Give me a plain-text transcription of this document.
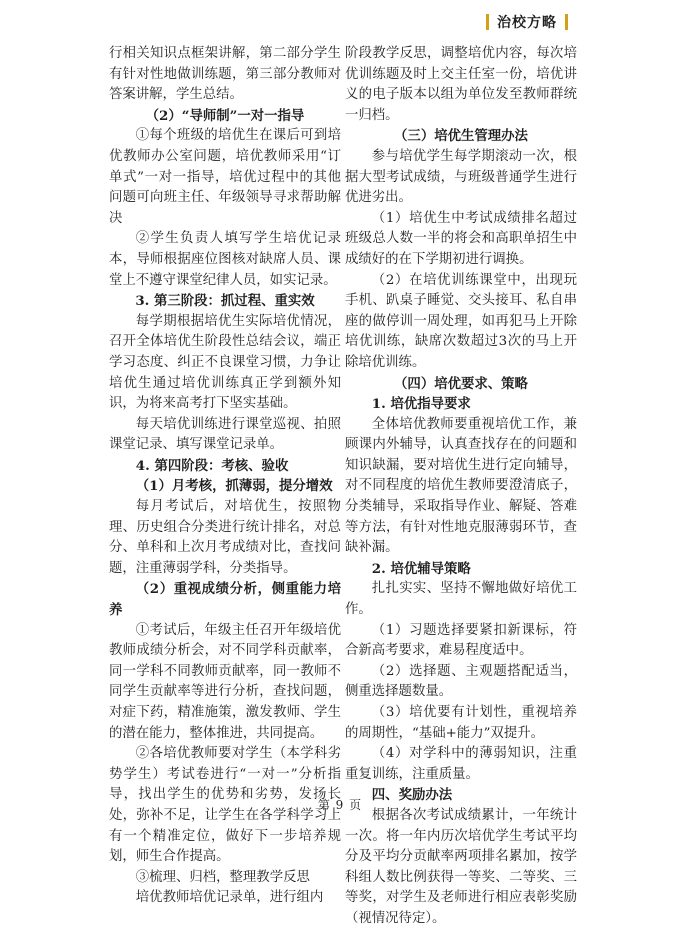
治校方略

行相关知识点框架讲解，第二部分学生有针对性地做训练题，第三部分教师对答案讲解，学生总结。

（2）“导师制”一对一指导

①每个班级的培优生在课后可到培优教师办公室问题，培优教师采用“订单式”一对一指导，培优过程中的其他问题可向班主任、年级领导寻求帮助解决

②学生负责人填写学生培优记录本，导师根据座位图核对缺席人员、课堂上不遵守课堂纪律人员，如实记录。

3. 第三阶段：抓过程、重实效

每学期根据培优生实际培优情况，召开全体培优生阶段性总结会议，端正学习态度、纠正不良课堂习惯，力争让培优生通过培优训练真正学到额外知识，为将来高考打下坚实基础。

每天培优训练进行课堂巡视、拍照课堂记录、填写课堂记录单。

4. 第四阶段：考核、验收

（1）月考核，抓薄弱，提分增效

每月考试后，对培优生，按照物理、历史组合分类进行统计排名，对总分、单科和上次月考成绩对比，查找问题，注重薄弱学科，分类指导。

（2）重视成绩分析，侧重能力培养

①考试后，年级主任召开年级培优教师成绩分析会，对不同学科贡献率，同一学科不同教师贡献率，同一教师不同学生贡献率等进行分析，查找问题，对症下药，精准施策，激发教师、学生的潜在能力，整体推进，共同提高。

②各培优教师要对学生（本学科劣势学生）考试卷进行“一对一”分析指导，找出学生的优势和劣势，发扬长处，弥补不足，让学生在各学科学习上有一个精准定位，做好下一步培养规划，师生合作提高。

③梳理、归档，整理教学反思

培优教师培优记录单，进行组内

阶段教学反思，调整培优内容，每次培优训练题及时上交主任室一份，培优讲义的电子版本以组为单位发至教师群统一归档。

（三）培优生管理办法

参与培优学生每学期滚动一次，根据大型考试成绩，与班级普通学生进行优进劣出。

（1）培优生中考试成绩排名超过班级总人数一半的将会和高职单招生中成绩好的在下学期初进行调换。

（2）在培优训练课堂中，出现玩手机、趴桌子睡觉、交头接耳、私自串座的做停训一周处理，如再犯马上开除培优训练，缺席次数超过3次的马上开除培优训练。

（四）培优要求、策略

1. 培优指导要求

全体培优教师要重视培优工作，兼顾课内外辅导，认真查找存在的问题和知识缺漏，要对培优生进行定向辅导，对不同程度的培优生教师要澄清底子，分类辅导，采取指导作业、解疑、答难等方法，有针对性地克服薄弱环节，查缺补漏。

2. 培优辅导策略

扎扎实实、坚持不懈地做好培优工作。

（1）习题选择要紧扣新课标，符合新高考要求，难易程度适中。

（2）选择题、主观题搭配适当，侧重选择题数量。

（3）培优要有计划性，重视培养的周期性，“基础+能力”双提升。

（4）对学科中的薄弱知识，注重重复训练，注重质量。

四、奖励办法

根据各次考试成绩累计，一年统计一次。将一年内历次培优学生考试平均分及平均分贡献率两项排名累加，按学科组人数比例获得一等奖、二等奖、三等奖，对学生及老师进行相应表彰奖励（视情况待定）。

第 9 页
